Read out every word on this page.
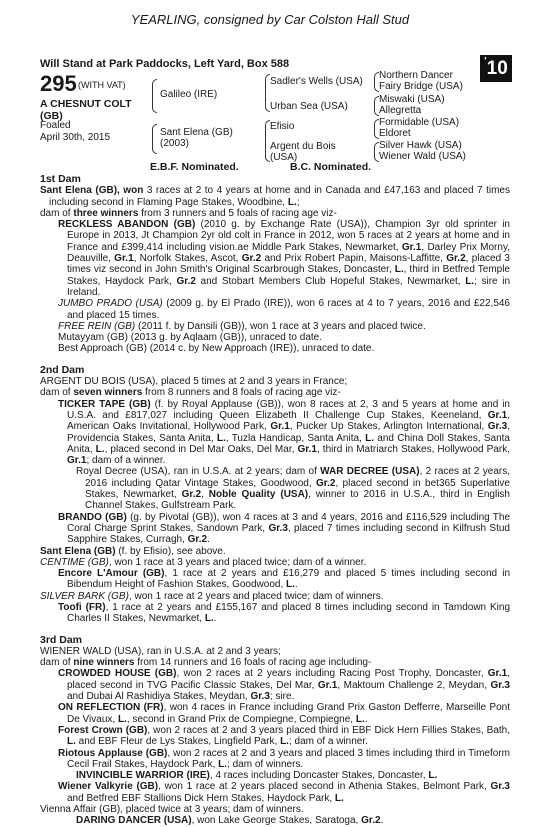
YEARLING, consigned by Car Colston Hall Stud
'10
Will Stand at Park Paddocks, Left Yard, Box 588
295 (WITH VAT)
A CHESNUT COLT
(GB)
Foaled
April 30th, 2015
Galileo (IRE)
Sant Elena (GB)
(2003)
Sadler's Wells (USA)
Urban Sea (USA)
Efisio
Argent du Bois
(USA)
Northern Dancer
Fairy Bridge (USA)
Miswaki (USA)
Allegretta
Formidable (USA)
Eldoret
Silver Hawk (USA)
Wiener Wald (USA)
E.B.F. Nominated.	B.C. Nominated.
1st Dam

Sant Elena (GB), won 3 races at 2 to 4 years at home and in Canada and £47,163 and placed 7 times including second in Flaming Page Stakes, Woodbine, L.;

dam of three winners from 3 runners and 5 foals of racing age viz-

RECKLESS ABANDON (GB) (2010 g. by Exchange Rate (USA)), Champion 3yr old sprinter in Europe in 2013, Jt Champion 2yr old colt in France in 2012, won 5 races at 2 years at home and in France and £399,414 including vision.ae Middle Park Stakes, Newmarket, Gr.1, Darley Prix Morny, Deauville, Gr.1, Norfolk Stakes, Ascot, Gr.2 and Prix Robert Papin, Maisons-Laffitte, Gr.2, placed 3 times viz second in John Smith's Original Scarbrough Stakes, Doncaster, L., third in Betfred Temple Stakes, Haydock Park, Gr.2 and Stobart Members Club Hopeful Stakes, Newmarket, L.; sire in Ireland.

JUMBO PRADO (USA) (2009 g. by El Prado (IRE)), won 6 races at 4 to 7 years, 2016 and £22,546 and placed 15 times.

FREE REIN (GB) (2011 f. by Dansili (GB)), won 1 race at 3 years and placed twice.

Mutayyam (GB) (2013 g. by Aqlaam (GB)), unraced to date.

Best Approach (GB) (2014 c. by New Approach (IRE)), unraced to date.

2nd Dam

ARGENT DU BOIS (USA), placed 5 times at 2 and 3 years in France;

dam of seven winners from 8 runners and 8 foals of racing age viz-

TICKER TAPE (GB) (f. by Royal Applause (GB)), won 8 races at 2, 3 and 5 years at home and in U.S.A. and £817,027 including Queen Elizabeth II Challenge Cup Stakes, Keeneland, Gr.1, American Oaks Invitational, Hollywood Park, Gr.1, Pucker Up Stakes, Arlington International, Gr.3, Providencia Stakes, Santa Anita, L., Tuzla Handicap, Santa Anita, L. and China Doll Stakes, Santa Anita, L., placed second in Del Mar Oaks, Del Mar, Gr.1, third in Matriarch Stakes, Hollywood Park, Gr.1; dam of a winner.

Royal Decree (USA), ran in U.S.A. at 2 years; dam of WAR DECREE (USA), 2 races at 2 years, 2016 including Qatar Vintage Stakes, Goodwood, Gr.2, placed second in bet365 Superlative Stakes, Newmarket, Gr.2, Noble Quality (USA), winner to 2016 in U.S.A., third in English Channel Stakes, Gulfstream Park.

BRANDO (GB) (g. by Pivotal (GB)), won 4 races at 3 and 4 years, 2016 and £116,529 including The Coral Charge Sprint Stakes, Sandown Park, Gr.3, placed 7 times including second in Kilfrush Stud Sapphire Stakes, Curragh, Gr.2.

Sant Elena (GB) (f. by Efisio), see above.

CENTIME (GB), won 1 race at 3 years and placed twice; dam of a winner.

Encore L'Amour (GB), 1 race at 2 years and £16,279 and placed 5 times including second in Bibendum Height of Fashion Stakes, Goodwood, L..

SILVER BARK (GB), won 1 race at 2 years and placed twice; dam of winners.

Toofi (FR), 1 race at 2 years and £155,167 and placed 8 times including second in Tamdown King Charles II Stakes, Newmarket, L..

3rd Dam

WIENER WALD (USA), ran in U.S.A. at 2 and 3 years;

dam of nine winners from 14 runners and 16 foals of racing age including-

CROWDED HOUSE (GB), won 2 races at 2 years including Racing Post Trophy, Doncaster, Gr.1, placed second in TVG Pacific Classic Stakes, Del Mar, Gr.1, Maktoum Challenge 2, Meydan, Gr.3 and Dubai Al Rashidiya Stakes, Meydan, Gr.3; sire.

ON REFLECTION (FR), won 4 races in France including Grand Prix Gaston Defferre, Marseille Pont De Vivaux, L., second in Grand Prix de Compiegne, Compiegne, L..

Forest Crown (GB), won 2 races at 2 and 3 years placed third in EBF Dick Hern Fillies Stakes, Bath, L. and EBF Fleur de Lys Stakes, Lingfield Park, L.; dam of a winner.

Riotous Applause (GB), won 2 races at 2 and 3 years and placed 3 times including third in Timeform Cecil Frail Stakes, Haydock Park, L.; dam of winners.

INVINCIBLE WARRIOR (IRE), 4 races including Doncaster Stakes, Doncaster, L.

Wiener Valkyrie (GB), won 1 race at 2 years placed second in Athenia Stakes, Belmont Park, Gr.3 and Betfred EBF Stallions Dick Hern Stakes, Haydock Park, L.

Vienna Affair (GB), placed twice at 3 years; dam of winners.

DARING DANCER (USA), won Lake George Stakes, Saratoga, Gr.2.
